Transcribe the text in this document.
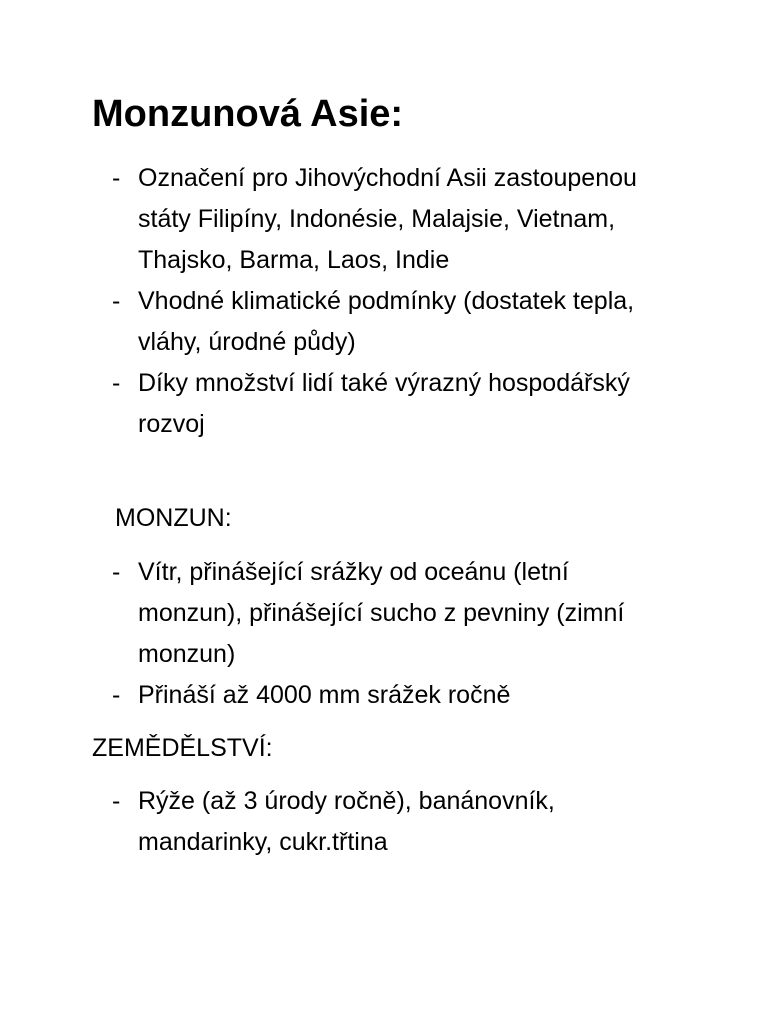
Monzunová Asie:
- Označení pro Jihovýchodní Asii zastoupenou státy Filipíny, Indonésie, Malajsie, Vietnam, Thajsko, Barma, Laos, Indie
- Vhodné klimatické podmínky (dostatek tepla, vláhy, úrodné půdy)
- Díky množství lidí také výrazný hospodářský rozvoj

MONZUN:

- Vítr, přinášející srážky od oceánu (letní monzun), přinášející sucho z pevniny (zimní monzun)
- Přináší až 4000 mm srážek ročně

ZEMĚDĚLSTVÍ:

- Rýže (až 3 úrody ročně), banánovník, mandarinky, cukr.třtina
